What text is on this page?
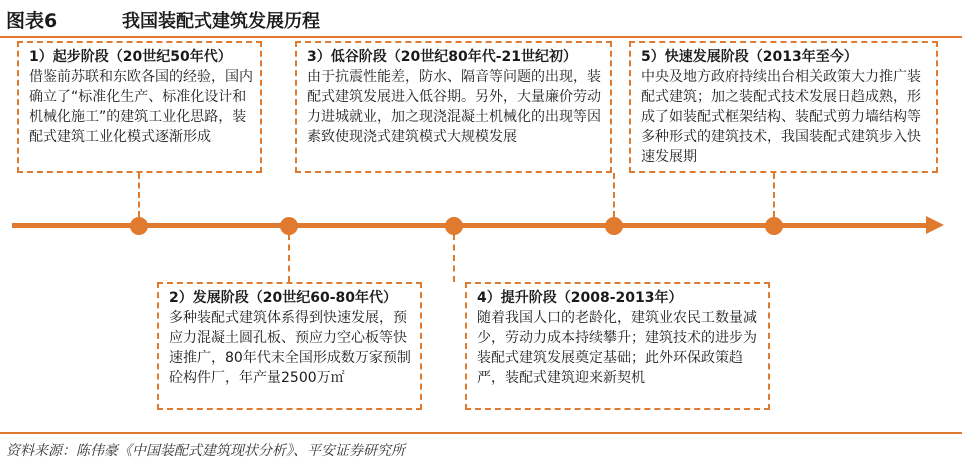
图表6	我国装配式建筑发展历程
1）起步阶段（20世纪50年代）
借鉴前苏联和东欧各国的经验，国内确立了“标准化生产、标准化设计和机械化施工”的建筑工业化思路，装配式建筑工业化模式逐渐形成
3）低谷阶段（20世纪80年代-21世纪初）
由于抗震性能差，防水、隔音等问题的出现，装配式建筑发展进入低谷期。另外，大量廉价劳动力进城就业，加之现浇混凝土机械化的出现等因素致使现浇式建筑模式大规模发展
5）快速发展阶段（2013年至今）
中央及地方政府持续出台相关政策大力推广装配式建筑；加之装配式技术发展日趋成熟，形成了如装配式框架结构、装配式剪力墙结构等多种形式的建筑技术，我国装配式建筑步入快速发展期
2）发展阶段（20世纪60-80年代）
多种装配式建筑体系得到快速发展，预应力混凝土圆孔板、预应力空心板等快速推广，80年代末全国形成数万家预制砼构件厂，年产量2500万㎡
4）提升阶段（2008-2013年）
随着我国人口的老龄化，建筑业农民工数量减少，劳动力成本持续攀升；建筑技术的进步为装配式建筑发展奠定基础；此外环保政策趋严，装配式建筑迎来新契机
资料来源：陈伟豪《中国装配式建筑现状分析》、平安证券研究所
